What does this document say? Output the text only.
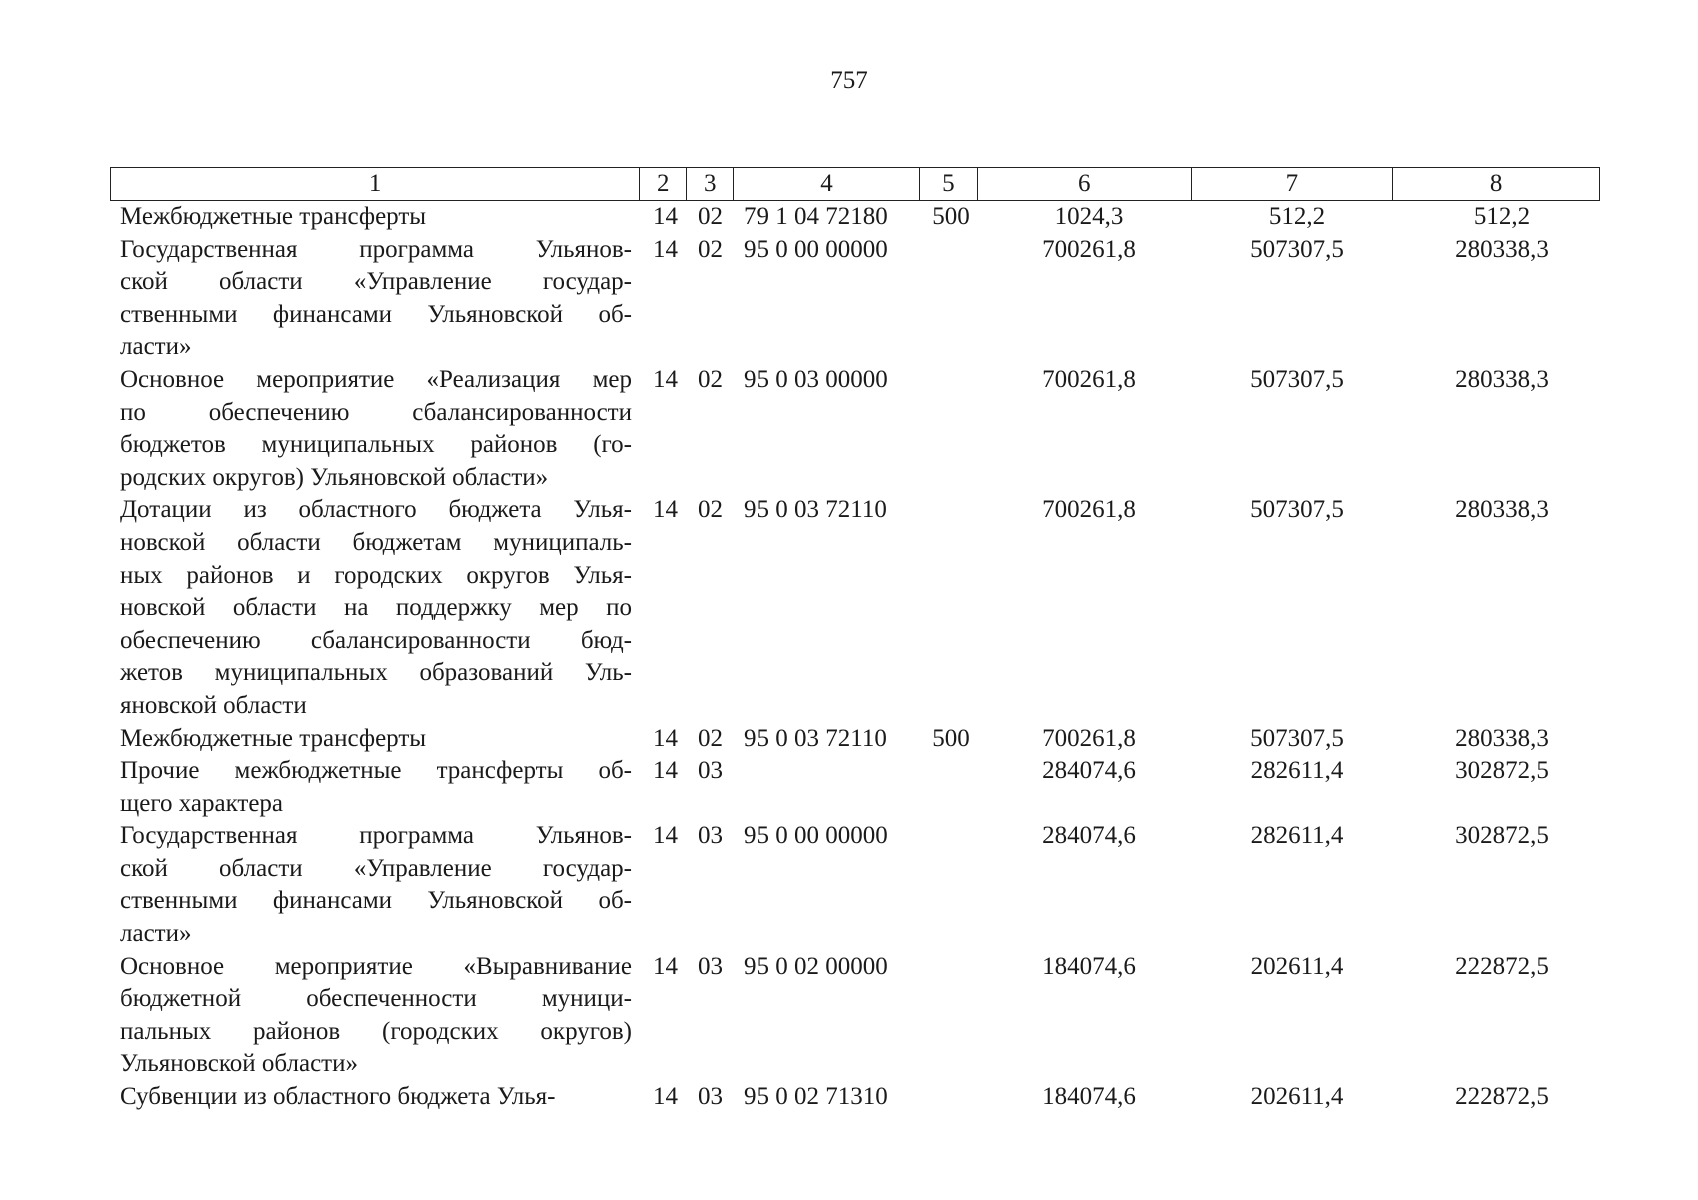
757
1	2	3	4	5	6	7	8
Межбюджетные трансферты	14 02 79 1 04 72180	500	1024,3	512,2	512,2
Государственная программа Ульянов-
ской области «Управление государ-
ственными финансами Ульяновской об-
ласти»
14 02 95 0 00 00000	700261,8	507307,5	280338,3
Основное мероприятие «Реализация мер
по обеспечению сбалансированности
бюджетов муниципальных районов (го-
родских округов) Ульяновской области»
14 02 95 0 03 00000	700261,8	507307,5	280338,3
Дотации из областного бюджета Улья-
новской области бюджетам муниципаль-
ных районов и городских округов Улья-
новской области на поддержку мер по
обеспечению сбалансированности бюд-
жетов муниципальных образований Уль-
яновской области
14 02 95 0 03 72110	700261,8	507307,5	280338,3
Межбюджетные трансферты	14 02 95 0 03 72110	500	700261,8	507307,5	280338,3
Прочие межбюджетные трансферты об-
щего характера
14 03	284074,6	282611,4	302872,5
Государственная программа Ульянов-
ской области «Управление государ-
ственными финансами Ульяновской об-
ласти»
14 03 95 0 00 00000	284074,6	282611,4	302872,5
Основное мероприятие «Выравнивание
бюджетной обеспеченности муници-
пальных районов (городских округов)
Ульяновской области»
14 03 95 0 02 00000	184074,6	202611,4	222872,5
Субвенции из областного бюджета Улья-	14 03 95 0 02 71310	184074,6	202611,4	222872,5
